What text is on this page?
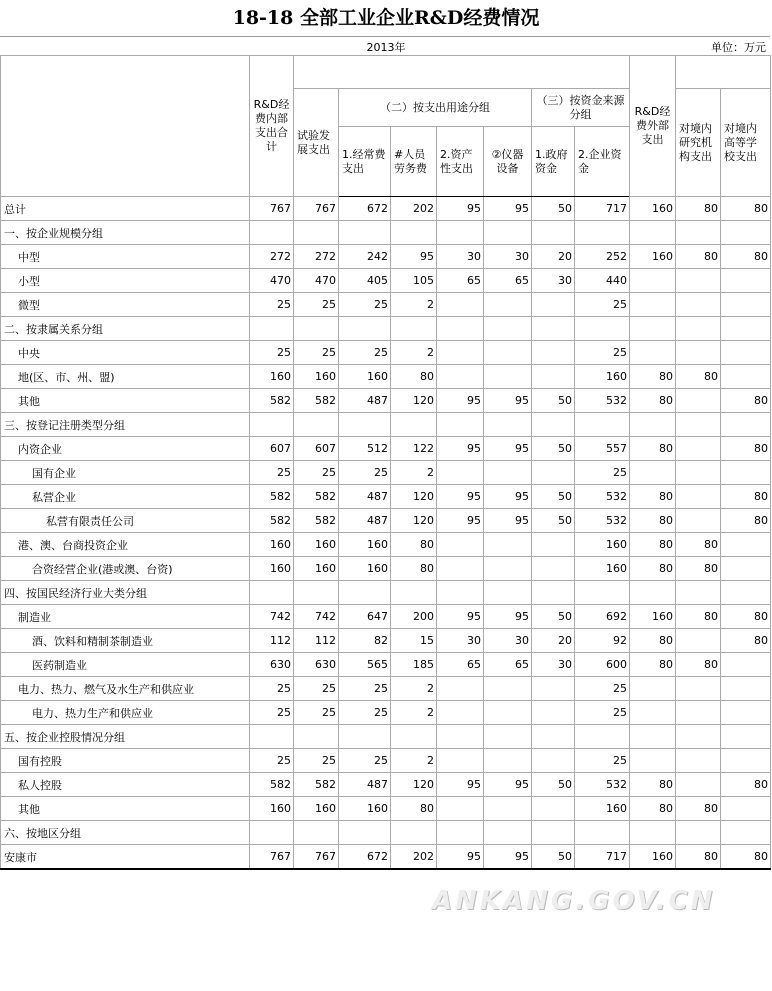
18-18 全部工业企业R&D经费情况
2013年	单位：万元
	R&D经费内部支出合计								R&D经费外部支出		
		试验发展支出	（二）按支出用途分组				（三）按资金来源分组			对境内研究机构支出	对境内高等学校支出
			1.经常费支出	#人员劳务费	2.资产性支出	②仪器设备	1.政府资金	2.企业资金			
总计	767	767	672	202	95	95	50	717	160	80	80
一、按企业规模分组											
中型	272	272	242	95	30	30	20	252	160	80	80
小型	470	470	405	105	65	65	30	440			
微型	25	25	25	2				25			
二、按隶属关系分组											
中央	25	25	25	2				25			
地(区、市、州、盟)	160	160	160	80				160	80	80	
其他	582	582	487	120	95	95	50	532	80		80
三、按登记注册类型分组											
内资企业	607	607	512	122	95	95	50	557	80		80
国有企业	25	25	25	2				25			
私营企业	582	582	487	120	95	95	50	532	80		80
私营有限责任公司	582	582	487	120	95	95	50	532	80		80
港、澳、台商投资企业	160	160	160	80				160	80	80	
合资经营企业(港或澳、台资)	160	160	160	80				160	80	80	
四、按国民经济行业大类分组											
制造业	742	742	647	200	95	95	50	692	160	80	80
酒、饮料和精制茶制造业	112	112	82	15	30	30	20	92	80		80
医药制造业	630	630	565	185	65	65	30	600	80	80	
电力、热力、燃气及水生产和供应业	25	25	25	2				25			
电力、热力生产和供应业	25	25	25	2				25			
五、按企业控股情况分组											
国有控股	25	25	25	2				25			
私人控股	582	582	487	120	95	95	50	532	80		80
其他	160	160	160	80				160	80	80	
六、按地区分组											
安康市	767	767	672	202	95	95	50	717	160	80	80
ANKANG.GOV.CN
